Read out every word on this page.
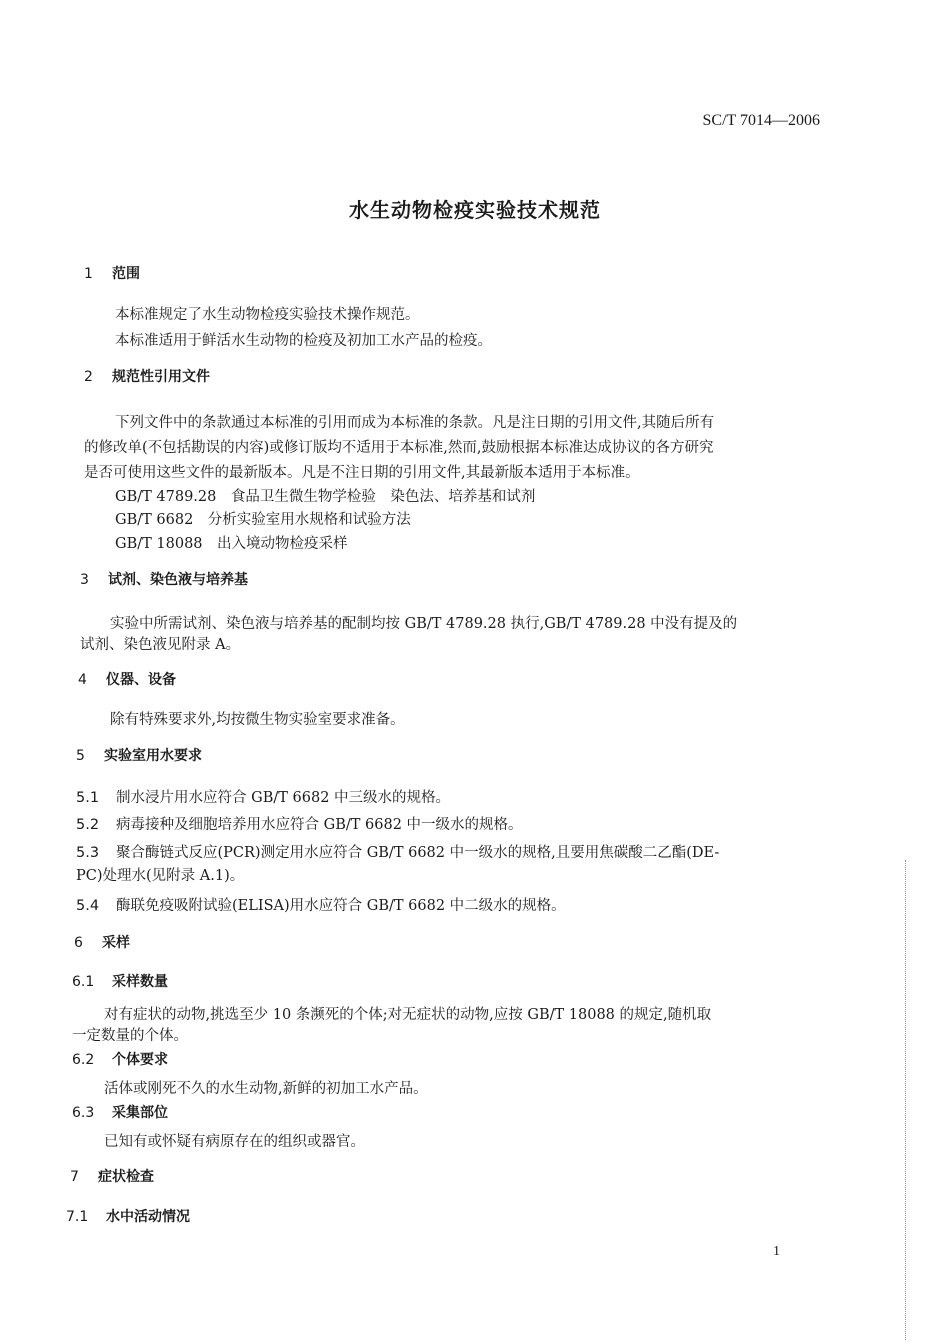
SC/T 7014—2006
水生动物检疫实验技术规范
1 范围
本标准规定了水生动物检疫实验技术操作规范。
本标准适用于鲜活水生动物的检疫及初加工水产品的检疫。
2 规范性引用文件
下列文件中的条款通过本标准的引用而成为本标准的条款。凡是注日期的引用文件,其随后所有
的修改单(不包括勘误的内容)或修订版均不适用于本标准,然而,鼓励根据本标准达成协议的各方研究
是否可使用这些文件的最新版本。凡是不注日期的引用文件,其最新版本适用于本标准。
GB/T 4789.28　食品卫生微生物学检验　染色法、培养基和试剂
GB/T 6682　分析实验室用水规格和试验方法
GB/T 18088　出入境动物检疫采样
3 试剂、染色液与培养基
实验中所需试剂、染色液与培养基的配制均按 GB/T 4789.28 执行,GB/T 4789.28 中没有提及的
试剂、染色液见附录 A。
4 仪器、设备
除有特殊要求外,均按微生物实验室要求准备。
5 实验室用水要求
5.1 制水浸片用水应符合 GB/T 6682 中三级水的规格。
5.2 病毒接种及细胞培养用水应符合 GB/T 6682 中一级水的规格。
5.3 聚合酶链式反应(PCR)测定用水应符合 GB/T 6682 中一级水的规格,且要用焦碳酸二乙酯(DE-
PC)处理水(见附录 A.1)。
5.4 酶联免疫吸附试验(ELISA)用水应符合 GB/T 6682 中二级水的规格。
6 采样
6.1 采样数量
对有症状的动物,挑选至少 10 条濒死的个体;对无症状的动物,应按 GB/T 18088 的规定,随机取
一定数量的个体。
6.2 个体要求
活体或刚死不久的水生动物,新鲜的初加工水产品。
6.3 采集部位
已知有或怀疑有病原存在的组织或器官。
7 症状检查
7.1 水中活动情况
1
